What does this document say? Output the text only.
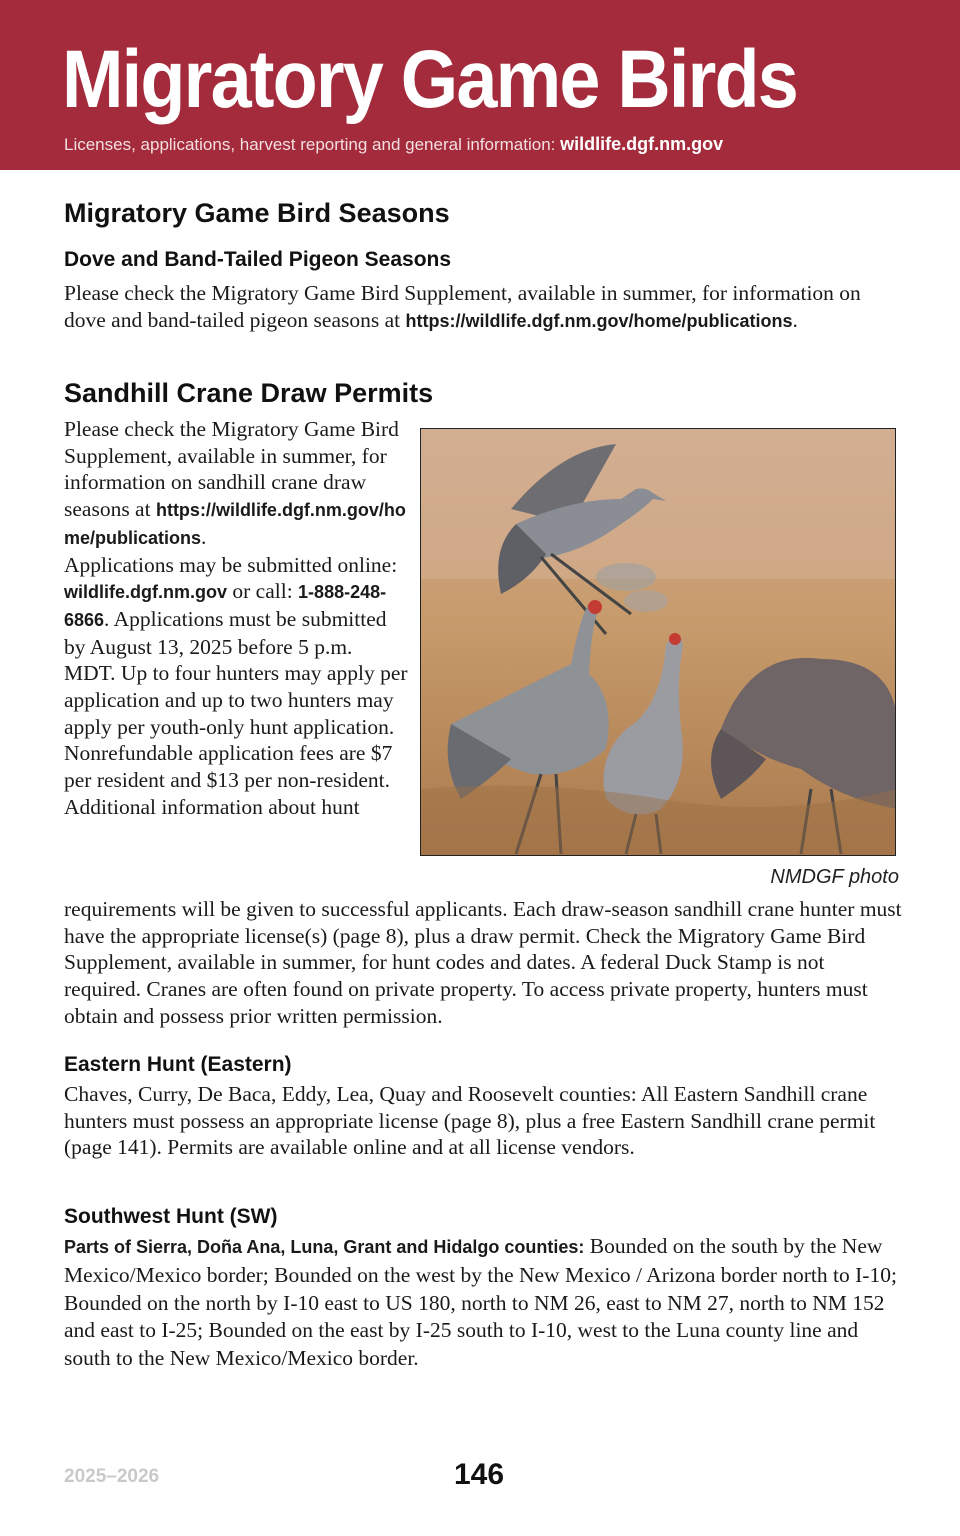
Migratory Game Birds
Licenses, applications, harvest reporting and general information: wildlife.dgf.nm.gov
Migratory Game Bird Seasons
Dove and Band-Tailed Pigeon Seasons
Please check the Migratory Game Bird Supplement, available in summer, for information on dove and band-tailed pigeon seasons at https://wildlife.dgf.nm.gov/home/publications.
Sandhill Crane Draw Permits
Please check the Migratory Game Bird Supplement, available in summer, for information on sandhill crane draw seasons at https://wildlife.dgf.nm.gov/home/publications.
Applications may be submitted online: wildlife.dgf.nm.gov or call: 1-888-248-6866. Applications must be submitted by August 13, 2025 before 5 p.m. MDT. Up to four hunters may apply per application and up to two hunters may apply per youth-only hunt application. Nonrefundable application fees are $7 per resident and $13 per non-resident. Additional information about hunt
NMDGF photo
requirements will be given to successful applicants. Each draw-season sandhill crane hunter must have the appropriate license(s) (page 8), plus a draw permit. Check the Migratory Game Bird Supplement, available in summer, for hunt codes and dates. A federal Duck Stamp is not required. Cranes are often found on private property. To access private property, hunters must obtain and possess prior written permission.
Eastern Hunt (Eastern)
Chaves, Curry, De Baca, Eddy, Lea, Quay and Roosevelt counties: All Eastern Sandhill crane hunters must possess an appropriate license (page 8), plus a free Eastern Sandhill crane permit (page 141). Permits are available online and at all license vendors.
Southwest Hunt (SW)
Parts of Sierra, Doña Ana, Luna, Grant and Hidalgo counties: Bounded on the south by the New Mexico/Mexico border; Bounded on the west by the New Mexico / Arizona border north to I-10; Bounded on the north by I-10 east to US 180, north to NM 26, east to NM 27, north to NM 152 and east to I-25; Bounded on the east by I-25 south to I-10, west to the Luna county line and south to the New Mexico/Mexico border.
2025–2026	146
